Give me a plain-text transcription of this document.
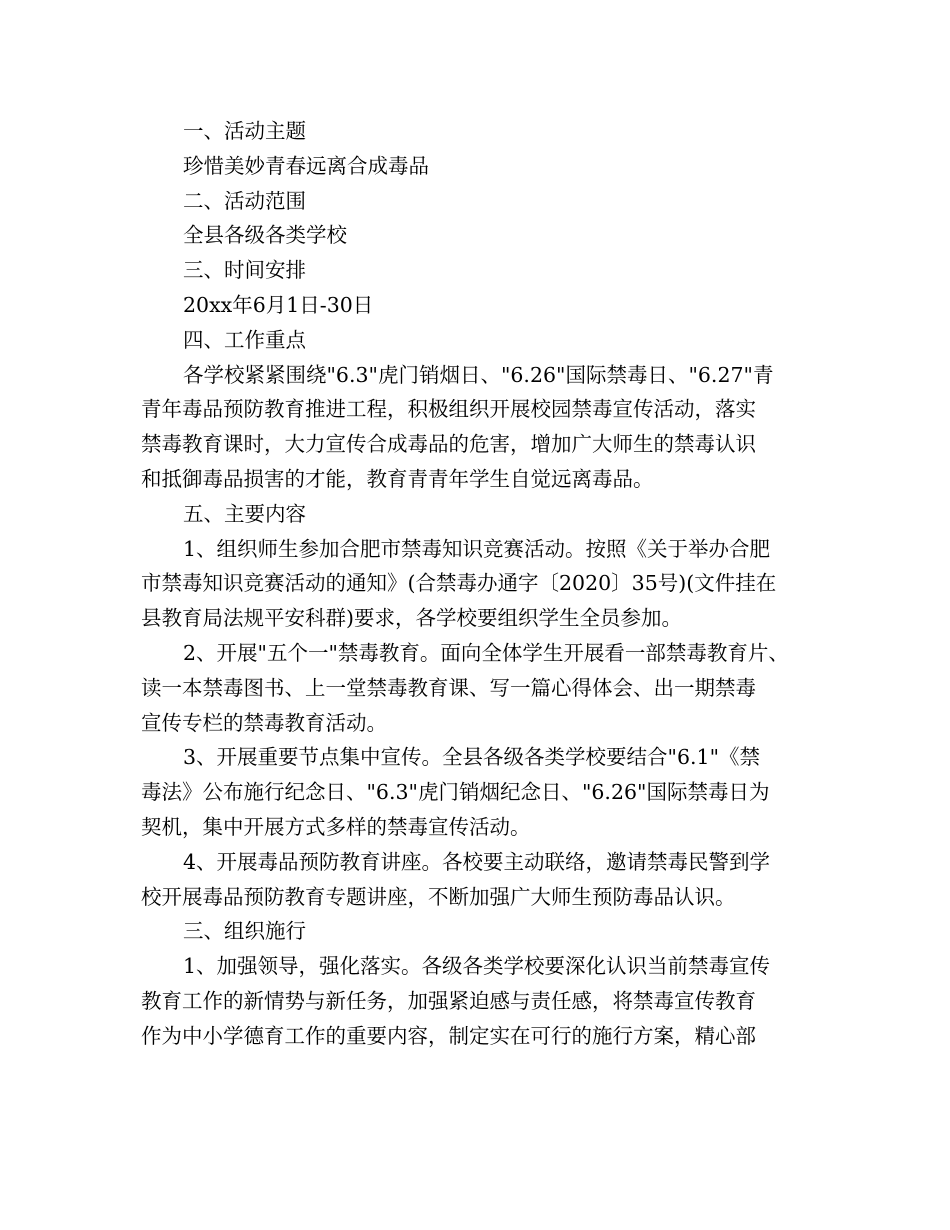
一、活动主题
珍惜美妙青春远离合成毒品
二、活动范围
全县各级各类学校
三、时间安排
20xx年6月1日-30日
四、工作重点
各学校紧紧围绕"6.3"虎门销烟日、"6.26"国际禁毒日、"6.27"青
青年毒品预防教育推进工程，积极组织开展校园禁毒宣传活动，落实
禁毒教育课时，大力宣传合成毒品的危害，增加广大师生的禁毒认识
和抵御毒品损害的才能，教育青青年学生自觉远离毒品。
五、主要内容
1、组织师生参加合肥市禁毒知识竞赛活动。按照《关于举办合肥
市禁毒知识竞赛活动的通知》(合禁毒办通字〔2020〕35号)(文件挂在
县教育局法规平安科群)要求，各学校要组织学生全员参加。
2、开展"五个一"禁毒教育。面向全体学生开展看一部禁毒教育片、
读一本禁毒图书、上一堂禁毒教育课、写一篇心得体会、出一期禁毒
宣传专栏的禁毒教育活动。
3、开展重要节点集中宣传。全县各级各类学校要结合"6.1"《禁
毒法》公布施行纪念日、"6.3"虎门销烟纪念日、"6.26"国际禁毒日为
契机，集中开展方式多样的禁毒宣传活动。
4、开展毒品预防教育讲座。各校要主动联络，邀请禁毒民警到学
校开展毒品预防教育专题讲座，不断加强广大师生预防毒品认识。
三、组织施行
1、加强领导，强化落实。各级各类学校要深化认识当前禁毒宣传
教育工作的新情势与新任务，加强紧迫感与责任感，将禁毒宣传教育
作为中小学德育工作的重要内容，制定实在可行的施行方案，精心部
